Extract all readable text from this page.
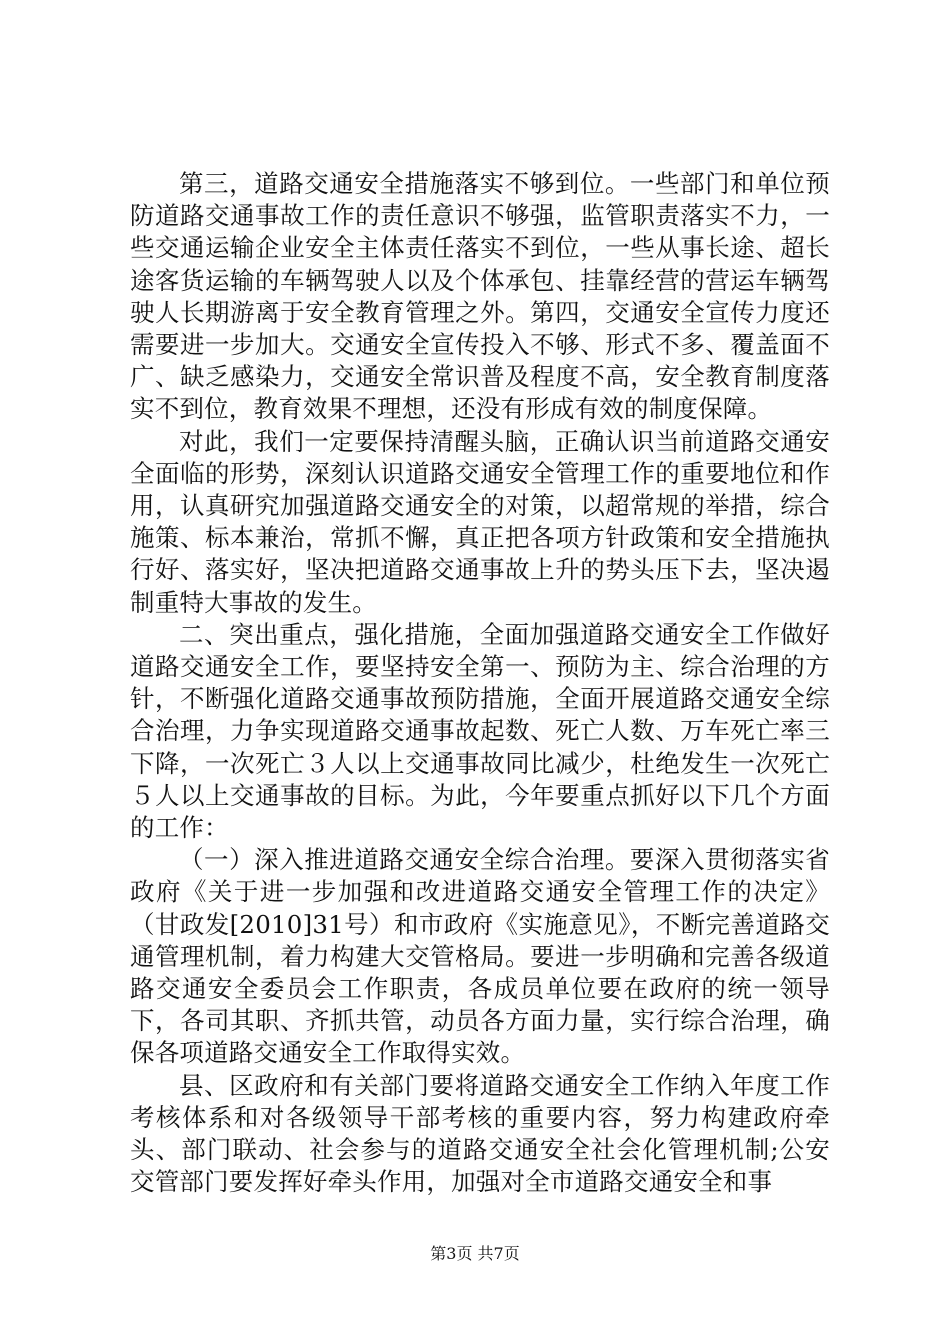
第三，道路交通安全措施落实不够到位。一些部门和单位预防道路交通事故工作的责任意识不够强，监管职责落实不力，一些交通运输企业安全主体责任落实不到位，一些从事长途、超长途客货运输的车辆驾驶人以及个体承包、挂靠经营的营运车辆驾驶人长期游离于安全教育管理之外。第四，交通安全宣传力度还需要进一步加大。交通安全宣传投入不够、形式不多、覆盖面不广、缺乏感染力，交通安全常识普及程度不高，安全教育制度落实不到位，教育效果不理想，还没有形成有效的制度保障。

对此，我们一定要保持清醒头脑，正确认识当前道路交通安全面临的形势，深刻认识道路交通安全管理工作的重要地位和作用，认真研究加强道路交通安全的对策，以超常规的举措，综合施策、标本兼治，常抓不懈，真正把各项方针政策和安全措施执行好、落实好，坚决把道路交通事故上升的势头压下去，坚决遏制重特大事故的发生。

二、突出重点，强化措施，全面加强道路交通安全工作做好道路交通安全工作，要坚持安全第一、预防为主、综合治理的方针，不断强化道路交通事故预防措施，全面开展道路交通安全综合治理，力争实现道路交通事故起数、死亡人数、万车死亡率三下降，一次死亡３人以上交通事故同比减少，杜绝发生一次死亡５人以上交通事故的目标。为此，今年要重点抓好以下几个方面的工作：

（一）深入推进道路交通安全综合治理。要深入贯彻落实省政府《关于进一步加强和改进道路交通安全管理工作的决定》（甘政发[2010]31号）和市政府《实施意见》，不断完善道路交通管理机制，着力构建大交管格局。要进一步明确和完善各级道路交通安全委员会工作职责，各成员单位要在政府的统一领导下，各司其职、齐抓共管，动员各方面力量，实行综合治理，确保各项道路交通安全工作取得实效。

县、区政府和有关部门要将道路交通安全工作纳入年度工作考核体系和对各级领导干部考核的重要内容，努力构建政府牵头、部门联动、社会参与的道路交通安全社会化管理机制;公安交管部门要发挥好牵头作用，加强对全市道路交通安全和事

第3页 共7页
